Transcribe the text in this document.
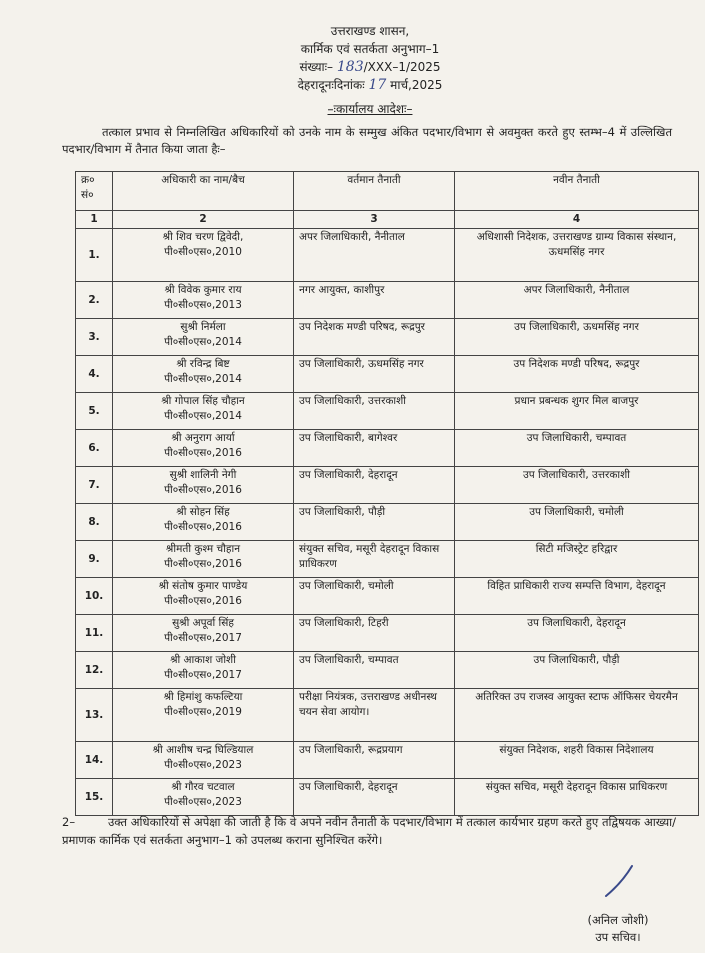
उत्तराखण्ड शासन,
कार्मिक एवं सतर्कता अनुभाग–1
संख्याः– 183/XXX–1/2025
देहरादूनःदिनांकः 17 मार्च,2025
–ःकार्यालय आदेशः–
तत्काल प्रभाव से निम्नलिखित अधिकारियों को उनके नाम के सम्मुख अंकित पदभार/विभाग से अवमुक्त करते हुए स्तम्भ–4 में उल्लिखित पदभार/विभाग में तैनात किया जाता हैः–
क्र० सं०	अधिकारी का नाम/बैच	वर्तमान तैनाती	नवीन तैनाती
1	2	3	4
1.	श्री शिव चरण द्विवेदी,
पी०सी०एस०,2010	अपर जिलाधिकारी, नैनीताल	अधिशासी निदेशक, उत्तराखण्ड ग्राम्य विकास संस्थान, ऊधमसिंह नगर
2.	श्री विवेक कुमार राय
पी०सी०एस०,2013	नगर आयुक्त, काशीपुर	अपर जिलाधिकारी, नैनीताल
3.	सुश्री निर्मला
पी०सी०एस०,2014	उप निदेशक मण्डी परिषद, रूद्रपुर	उप जिलाधिकारी, ऊधमसिंह नगर
4.	श्री रविन्द्र बिष्ट
पी०सी०एस०,2014	उप जिलाधिकारी, ऊधमसिंह नगर	उप निदेशक मण्डी परिषद, रूद्रपुर
5.	श्री गोपाल सिंह चौहान
पी०सी०एस०,2014	उप जिलाधिकारी, उत्तरकाशी	प्रधान प्रबन्धक शुगर मिल बाजपुर
6.	श्री अनुराग आर्या
पी०सी०एस०,2016	उप जिलाधिकारी, बागेश्वर	उप जिलाधिकारी, चम्पावत
7.	सुश्री शालिनी नेगी
पी०सी०एस०,2016	उप जिलाधिकारी, देहरादून	उप जिलाधिकारी, उत्तरकाशी
8.	श्री सोहन सिंह
पी०सी०एस०,2016	उप जिलाधिकारी, पौड़ी	उप जिलाधिकारी, चमोली
9.	श्रीमती कुश्म चौहान
पी०सी०एस०,2016	संयुक्त सचिव, मसूरी देहरादून विकास प्राधिकरण	सिटी मजिस्ट्रेट हरिद्वार
10.	श्री संतोष कुमार पाण्डेय
पी०सी०एस०,2016	उप जिलाधिकारी, चमोली	विहित प्राधिकारी राज्य सम्पत्ति विभाग, देहरादून
11.	सुश्री अपूर्वा सिंह
पी०सी०एस०,2017	उप जिलाधिकारी, टिहरी	उप जिलाधिकारी, देहरादून
12.	श्री आकाश जोशी
पी०सी०एस०,2017	उप जिलाधिकारी, चम्पावत	उप जिलाधिकारी, पौड़ी
13.	श्री हिमांशु कफल्टिया
पी०सी०एस०,2019	परीक्षा नियंत्रक, उत्तराखण्ड अधीनस्थ चयन सेवा आयोग।	अतिरिक्त उप राजस्व आयुक्त स्टाफ ऑफिसर चेयरमैन
14.	श्री आशीष चन्द्र घिल्डियाल
पी०सी०एस०,2023	उप जिलाधिकारी, रूद्रप्रयाग	संयुक्त निदेशक, शहरी विकास निदेशालय
15.	श्री गौरव चटवाल
पी०सी०एस०,2023	उप जिलाधिकारी, देहरादून	संयुक्त सचिव, मसूरी देहरादून विकास प्राधिकरण
2–	उक्त अधिकारियों से अपेक्षा की जाती है कि वे अपने नवीन तैनाती के पदभार/विभाग में तत्काल कार्यभार ग्रहण करते हुए तद्विषयक आख्या/प्रमाणक कार्मिक एवं सतर्कता अनुभाग–1 को उपलब्ध कराना सुनिश्चित करेंगे।
(अनिल जोशी)
उप सचिव।
